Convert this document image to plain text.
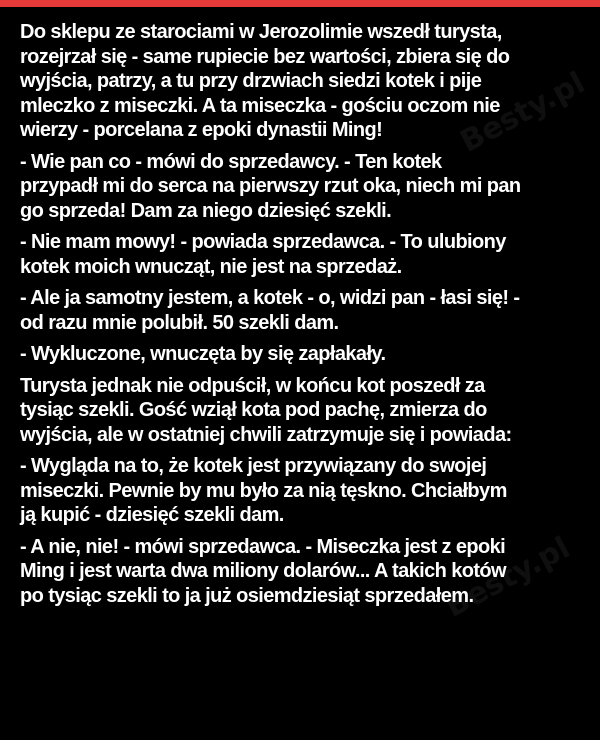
Besty.pl
Besty.pl
Do sklepu ze starociami w Jerozolimie wszedł turysta,
rozejrzał się - same rupiecie bez wartości, zbiera się do
wyjścia, patrzy, a tu przy drzwiach siedzi kotek i pije
mleczko z miseczki. A ta miseczka - gościu oczom nie
wierzy - porcelana z epoki dynastii Ming!
- Wie pan co - mówi do sprzedawcy. - Ten kotek
przypadł mi do serca na pierwszy rzut oka, niech mi pan
go sprzeda! Dam za niego dziesięć szekli.
- Nie mam mowy! - powiada sprzedawca. - To ulubiony
kotek moich wnucząt, nie jest na sprzedaż.
- Ale ja samotny jestem, a kotek - o, widzi pan - łasi się! -
od razu mnie polubił. 50 szekli dam.
- Wykluczone, wnuczęta by się zapłakały.
Turysta jednak nie odpuścił, w końcu kot poszedł za
tysiąc szekli. Gość wziął kota pod pachę, zmierza do
wyjścia, ale w ostatniej chwili zatrzymuje się i powiada:
- Wygląda na to, że kotek jest przywiązany do swojej
miseczki. Pewnie by mu było za nią tęskno. Chciałbym
ją kupić - dziesięć szekli dam.
- A nie, nie! - mówi sprzedawca. - Miseczka jest z epoki
Ming i jest warta dwa miliony dolarów... A takich kotów
po tysiąc szekli to ja już osiemdziesiąt sprzedałem.
